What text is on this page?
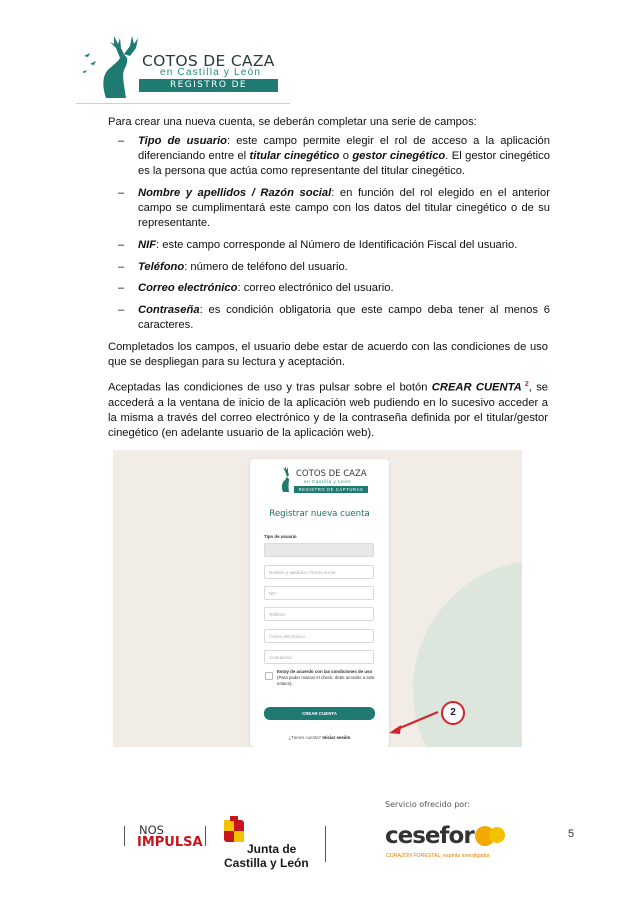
COTOS DE CAZA
en Castilla y León
REGISTRO DE CAPTURAS
Para crear una nueva cuenta, se deberán completar una serie de campos:
– Tipo de usuario: este campo permite elegir el rol de acceso a la aplicación diferenciando entre el titular cinegético o gestor cinegético. El gestor cinegético es la persona que actúa como representante del titular cinegético.
– Nombre y apellidos / Razón social: en función del rol elegido en el anterior campo se cumplimentará este campo con los datos del titular cinegético o de su representante.
– NIF: este campo corresponde al Número de Identificación Fiscal del usuario.
– Teléfono: número de teléfono del usuario.
– Correo electrónico: correo electrónico del usuario.
– Contraseña: es condición obligatoria que este campo deba tener al menos 6 caracteres.
Completados los campos, el usuario debe estar de acuerdo con las condiciones de uso que se despliegan para su lectura y aceptación.
Aceptadas las condiciones de uso y tras pulsar sobre el botón CREAR CUENTA $^2$, se accederá a la ventana de inicio de la aplicación web pudiendo en lo sucesivo acceder a la misma a través del correo electrónico y de la contraseña definida por el titular/gestor cinegético (en adelante usuario de la aplicación web).
COTOS DE CAZA
en Castilla y León
REGISTRO DE CAPTURAS
Registrar nueva cuenta
Tipo de usuario
Nombre y apellidos / Razón social
NIF
Teléfono
Correo electrónico
Contraseña
Estoy de acuerdo con las condiciones de uso (Para poder marcar el check, debe acceder a este enlace).
CREAR CUENTA
¿Tienes cuenta? Iniciar sesión
2
Servicio ofrecido por:
NOS
IMPULSA	Junta de
Castilla y León
cesefor
CORAZÓN FORESTAL, espíritu investigador
5
